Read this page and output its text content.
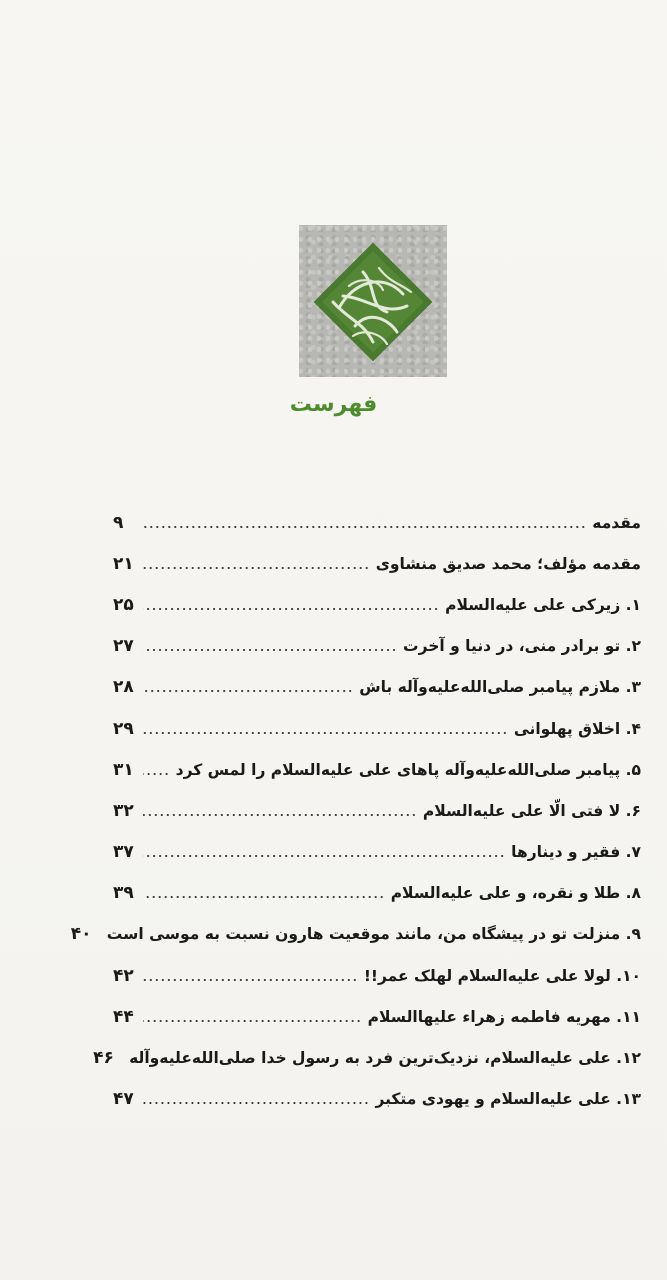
فهرست
مقدمه
۹
مقدمه مؤلف؛ محمد صدیق منشاوی
۲۱
۱. زیرکی علی علیه‌السلام
۲۵
۲. تو برادر منی، در دنیا و آخرت
۲۷
۳. ملازم پیامبر صلی‌الله‌علیه‌وآله باش
۲۸
۴. اخلاق پهلوانی
۲۹
۵. پیامبر صلی‌الله‌علیه‌وآله پاهای علی علیه‌السلام را لمس کرد
۳۱
۶. لا فتی الّا علی علیه‌السلام
۳۲
۷. فقیر و دینارها
۳۷
۸. طلا و نقره، و علی علیه‌السلام
۳۹
۹. منزلت تو در پیشگاه من، مانند موقعیت هارون نسبت به موسی است
۴۰
۱۰. لولا علی علیه‌السلام لهلک عمر!!
۴۲
۱۱. مهریه فاطمه زهراء علیهاالسلام
۴۴
۱۲. علی علیه‌السلام، نزدیک‌ترین فرد به رسول خدا صلی‌الله‌علیه‌وآله
۴۶
۱۳. علی علیه‌السلام و یهودی متکبر
۴۷
